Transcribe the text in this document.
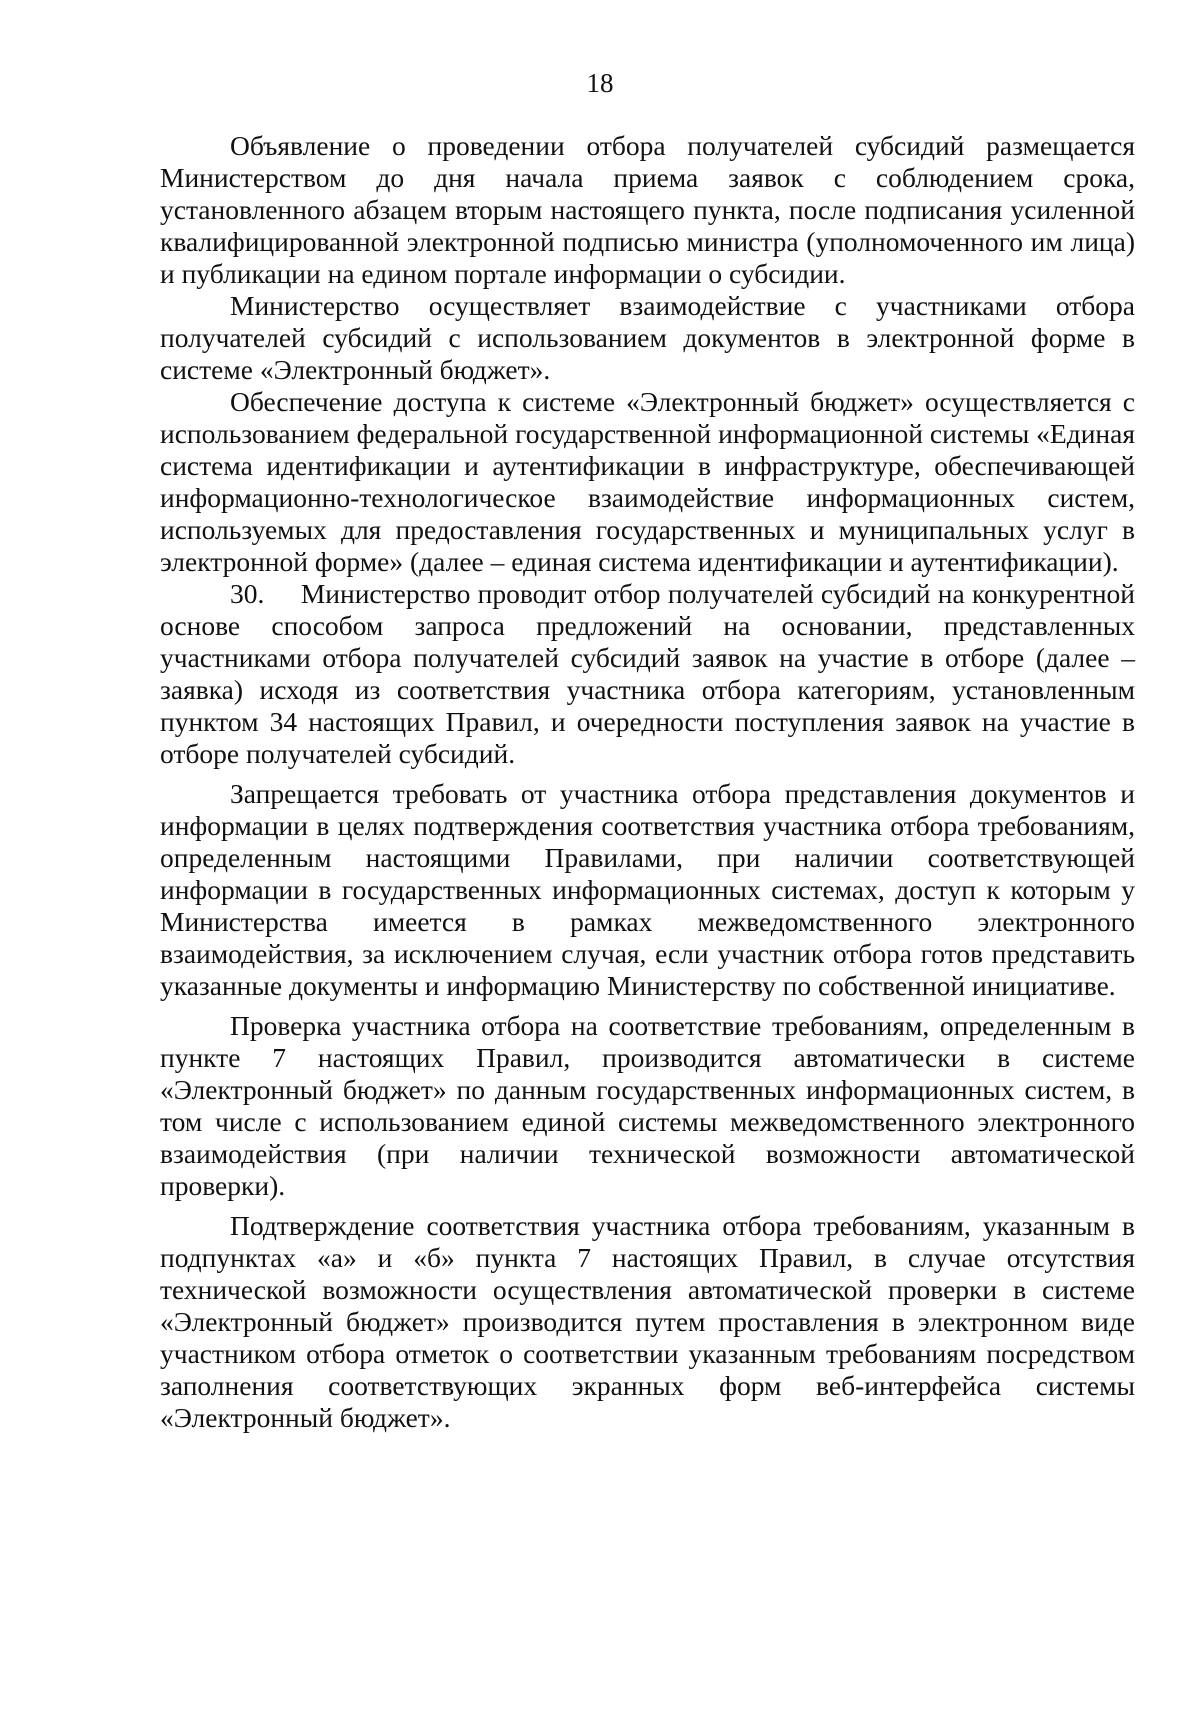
18

Объявление о проведении отбора получателей субсидий размещается Министерством до дня начала приема заявок с соблюдением срока, установленного абзацем вторым настоящего пункта, после подписания усиленной квалифицированной электронной подписью министра (уполномоченного им лица) и публикации на едином портале информации о субсидии.

Министерство осуществляет взаимодействие с участниками отбора получателей субсидий с использованием документов в электронной форме в системе «Электронный бюджет».

Обеспечение доступа к системе «Электронный бюджет» осуществляется с использованием федеральной государственной информационной системы «Единая система идентификации и аутентификации в инфраструктуре, обеспечивающей информационно-технологическое взаимодействие информационных систем, используемых для предоставления государственных и муниципальных услуг в электронной форме» (далее – единая система идентификации и аутентификации).

30. Министерство проводит отбор получателей субсидий на конкурентной основе способом запроса предложений на основании, представленных участниками отбора получателей субсидий заявок на участие в отборе (далее – заявка) исходя из соответствия участника отбора категориям, установленным пунктом 34 настоящих Правил, и очередности поступления заявок на участие в отборе получателей субсидий.

Запрещается требовать от участника отбора представления документов и информации в целях подтверждения соответствия участника отбора требованиям, определенным настоящими Правилами, при наличии соответствующей информации в государственных информационных системах, доступ к которым у Министерства имеется в рамках межведомственного электронного взаимодействия, за исключением случая, если участник отбора готов представить указанные документы и информацию Министерству по собственной инициативе.

Проверка участника отбора на соответствие требованиям, определенным в пункте 7 настоящих Правил, производится автоматически в системе «Электронный бюджет» по данным государственных информационных систем, в том числе с использованием единой системы межведомственного электронного взаимодействия (при наличии технической возможности автоматической проверки).

Подтверждение соответствия участника отбора требованиям, указанным в подпунктах «а» и «б» пункта 7 настоящих Правил, в случае отсутствия технической возможности осуществления автоматической проверки в системе «Электронный бюджет» производится путем проставления в электронном виде участником отбора отметок о соответствии указанным требованиям посредством заполнения соответствующих экранных форм веб-интерфейса системы «Электронный бюджет».
